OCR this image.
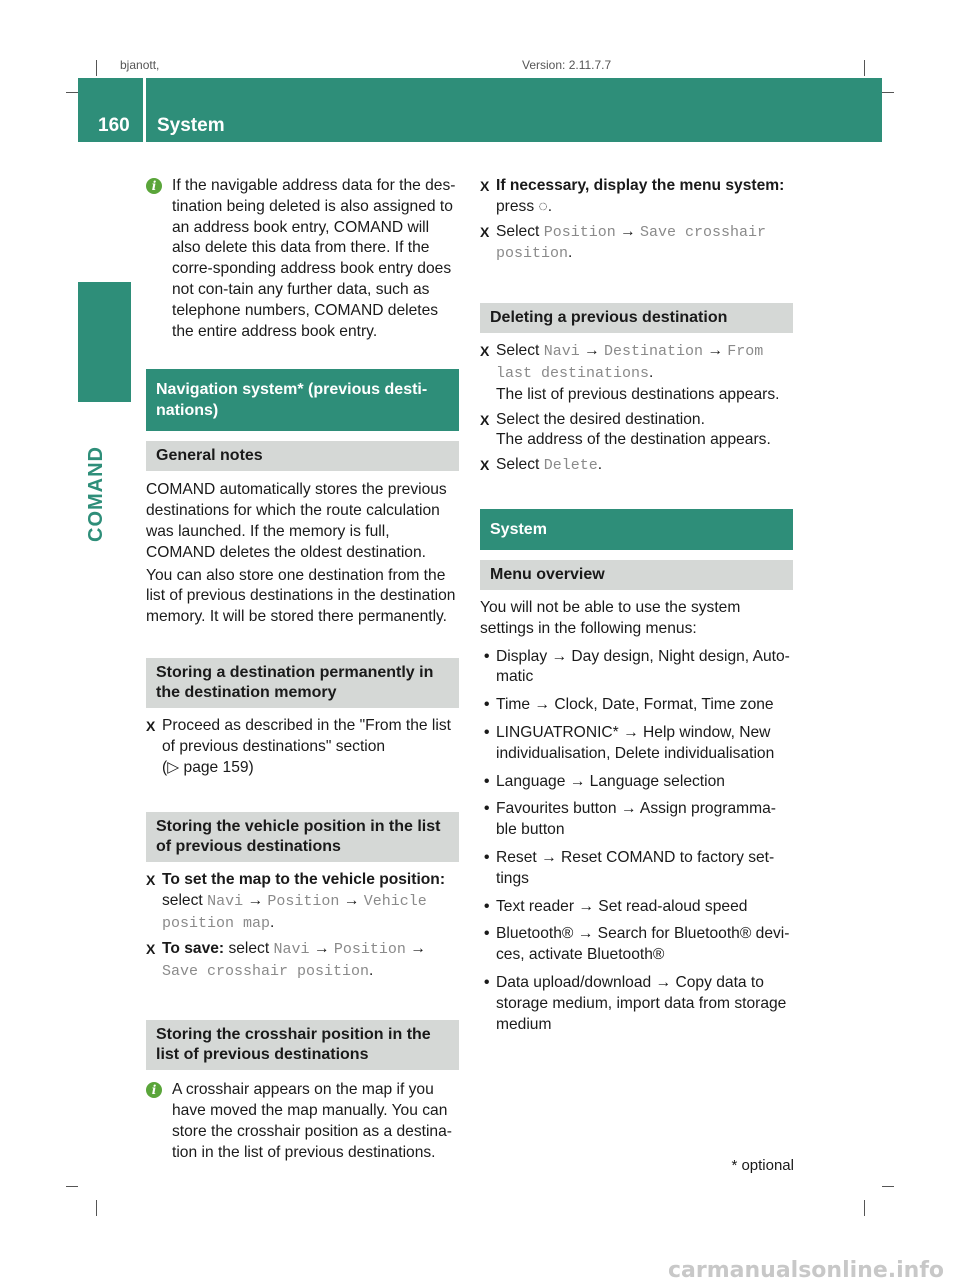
bjanott,	Version: 2.11.7.7
160 System
COMAND
i	If the navigable address data for the des-tination being deleted is also assigned to an address book entry, COMAND will also delete this data from there. If the corre-sponding address book entry does not con-tain any further data, such as telephone numbers, COMAND deletes the entire address book entry.

Navigation system* (previous desti-nations)
General notes

COMAND automatically stores the previous destinations for which the route calculation was launched. If the memory is full, COMAND deletes the oldest destination.

You can also store one destination from the list of previous destinations in the destination memory. It will be stored there permanently.

Storing a destination permanently in the destination memory
X Proceed as described in the "From the list of previous destinations" section

(▷ page 159)

Storing the vehicle position in the list of previous destinations
X To set the map to the vehicle position:
select Navi → Position → Vehicle position map.

X To save: select Navi → Position → Save crosshair position.

Storing the crosshair position in the list of previous destinations
i	A crosshair appears on the map if you have moved the map manually. You can store the crosshair position as a destina-tion in the list of previous destinations.

X If necessary, display the menu system:
press ◌.

X Select Position → Save crosshair position.

Deleting a previous destination
X Select Navi → Destination → From last destinations.

The list of previous destinations appears.

X Select the desired destination.

The address of the destination appears.

X Select Delete.

System
Menu overview

You will not be able to use the system settings in the following menus:

• Display → Day design, Night design, Auto-matic

• Time → Clock, Date, Format, Time zone

• LINGUATRONIC* → Help window, New individualisation, Delete individualisation

• Language → Language selection

• Favourites button → Assign programma-ble button

• Reset → Reset COMAND to factory set-tings

• Text reader → Set read-aloud speed

• Bluetooth® → Search for Bluetooth® devi-ces, activate Bluetooth®

• Data upload/download → Copy data to storage medium, import data from storage medium

* optional
carmanualsonline.info
